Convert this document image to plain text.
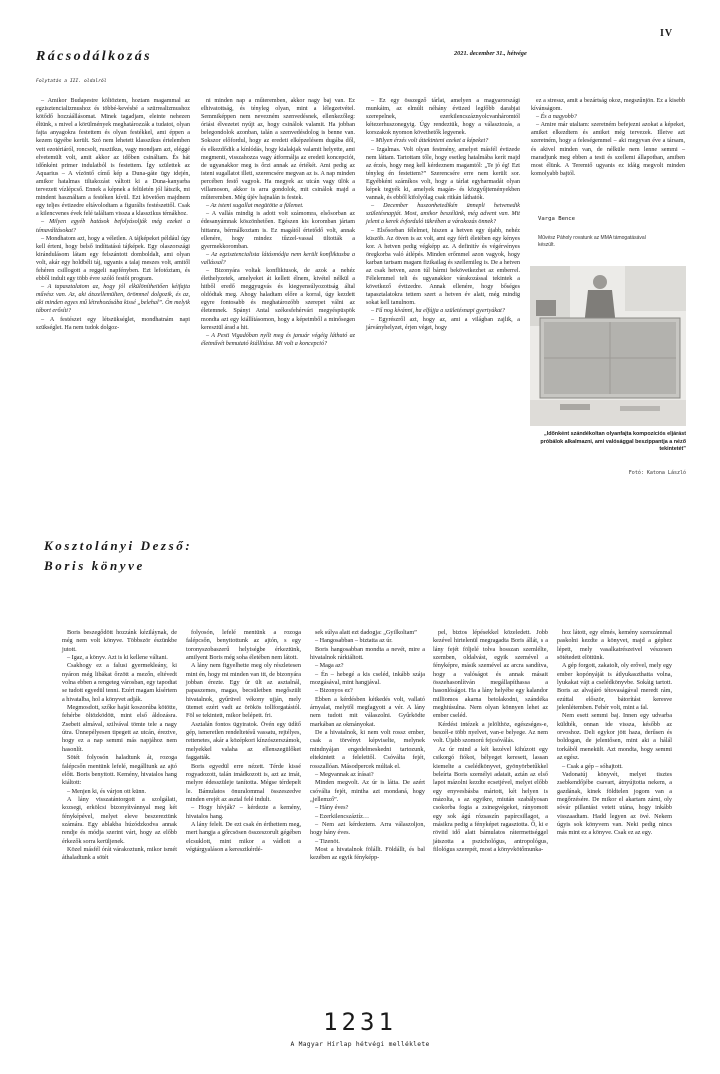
IV
2021. december 31., hétvége
Rácsodálkozás
Folytatás a III. oldalról

– Amikor Budapestre költöztem, hoztam magammal az egzisztencializmushoz és többé-kevésbé a szürrealizmushoz kötődő hozzáállásomat. Minek tagadjam, eleinte nehezen éltünk, s mivel a körülmények meghatározzák a tudatot, olyan fajta anyagokra festettem és olyan festékkel, ami éppen a kezem ügyébe került. Szó nem lehetett klasszikus értelemben vett ezotériáról, roncsolt, rusztikus, vagy mondjam azt, eléggé elvetemült volt, amit akkor az időben csináltam. És hát időnként primer indulatból is festettem. Így születtek az Aquarius – A vízöntő című kép a Duna-gáte ügy idején, amikor hatalmas tiltakozást váltott ki a Duna-kanyarba tervezett vízlépcső. Ennek a képnek a felületén jól látszik, mi mindent használtam a festéken kívül. Ezt követően majdnem egy teljes évtizedre eltávolodtam a figurális festészettől. Csak a kilencvenes évek felé találtam vissza a klasszikus témákhoz.

– Milyen egyéb hatások befolyásolják még ezeket a témaváltásokat?

– Mondhatom azt, hogy a véletlen. A tájképeket például úgy kell érteni, hogy belső indíttatású tájképek. Egy olaszországi kirándulásom látam egy felszántott domboldalt, ami olyan volt, akár egy holdbéli táj, ugyanis a talaj meszes volt, amitől fehéren csillogott a reggeli napfényben. Ezt lefotóztam, és ebből indult egy több évre szóló festői program.

– A tapasztalatom az, hogy jól elkülönítheitően kéifajta művész van. Az, aki átszellemülten, örömmel dolgozik, és az, aki minden egyes mű létrehozásába kissé „belehal”. Ön melyik tábort erősíti?

– A festészet egy létszükséglet, mondhatnám napi szükséglet. Ha nem tudok dolgoz-

ni minden nap a műteremben, akkor nagy baj van. Ez elhivatottság, és tényleg olyan, mint a lélegzetvétel. Semmiképpen nem nevezném szenvedésnek, ellenkezőleg: óriási élvezetet nyújt az, hogy csinálok valamit. Ha jobban belegondolok azonban, talán a szenvedésdolog is benne van. Sokszor előfordul, hogy az eredeti elképzelésem dugába dől, és elkezdődik a kínlódás, hogy kialakjak valamit helyette, ami megmenti, visszahozza vagy átformálja az eredeti koncepciót, de ugyanakkor meg is őrzi annak az értékét. Ami pedig az isteni sugallatot illeti, szerencsére megvan az is. A nap minden percében festő vagyok. Ha megyek az utcán vagy ülök a villamoson, akkor is arra gondolok, mit csinálok majd a műteremben. Még újév hajnalán is festek.

– Az isteni sugallat megütötte a fülemet.

– A vallás mindig is adott volt számomra, elsősorban az édesanyámnak köszönhetően. Egészen kis koromban jártam hittanra, bérmálkoztam is. Ez magától értetődő volt, annak ellenére, hogy mindez tűzzel-vassal tiltották a gyermekkoromban.

– Az egzisztencialista látásmódja nem került konfliktusba a vallással?

– Bizonyára voltak konfliktusok, de azok a nehéz élethelyzetek, amelyeket át kellett élnem, kivétel nélkül a hitből eredő meggyugvás és kiegyensúlyozottság által oldódtak meg. Ahogy haladtam előre a korral, úgy kezdett egyre fontosabb és meghatározóbb szerepet válni az életemnek. Spányi Antal székesfehérvári megyéspüspök mondta azt egy kiállításomon, hogy a képeimből a minősegen keresztül árad a hit.

– A Pesti Vigadóban nyílt meg és január végéig látható az életművét bemutató kiállítása. Mi volt a koncepció?

– Ez egy összegző tárlat, amelyen a magyarországi munkáim, az elmúlt néhány évtized legfőbb darabjai szerepelnek, ezerkilencszáznyolcvanháromtól kétezerhuszonegyig. Úgy rendeztük, hogy a választozás, a korszakok nyomon követhetők legyenek.

– Milyen érzés volt áttekinteni ezeket a képeket?

– Izgalmas. Volt olyan festmény, amelyet másfél évtizede nem láttam. Tartottam tőle, hogy esetleg hatalmába kerít majd az érzés, hogy meg kell kérdeznem magamtól: „Te jó ég! Ezt tényleg én festettem?” Szerencsére erre nem került sor. Egyébként számíkos volt, hogy a tárlat egyharmadát olyan képek tegyék ki, amelyek magán- és közgyűjteményekben vannak, és ebből kifolyólag csak ritkán láthatók.

– December huszonhetedikén ünnepli hetvenedik születésnapját. Most, amikor beszélünk, még advent van. Mit jelent a kerek évforduló tükrében a várakozás önnek?

– Elsősorban félelmet, hiszen a hetven egy újabb, nehéz küszöb. Az ötven is az volt, ami egy férfi életében egy kényes kor. A hetven pedig végképp az. A definitív és végérvényes öregkorba való átlépés. Minden erőmmel azon vagyok, hogy karban tartsam magam fizikailag és szellemileg is. De a hetven az csak hetven, azon túl bármi bekövetkezhet az emberrel. Félelemmel teli és ugyanakkor várakozással tekintek a következő évtizedre. Annak ellenére, hogy bőséges tapasztalatokra tettem szert a hetven év alatt, még mindig sokat kell tanulnom.

– Fű nog kívánni, ha elfújja a születésnapi gyertyákat?

– Egyrészről azt, hogy az, ami a világban zajlik, a járványhelyzet, érjen véget, hogy

ez a stressz, amit a bezártság okoz, megszűnjön. Ez a kisebb kívánságom.

– És a nagyobb?

– Amire már utaltam: szeretném befejezni azokat a képeket, amiket elkezdtem és amiket még tervezek. Illetve azt szeretném, hogy a feleségemmel – aki megyvan éve a társam, és akivel minden van, de nélküle nem lenne semmi – maradjunk meg ebben a testi és szellemi állapotban, amiben most élünk. A Teremtő ugyanis ez idáig megvolt minden komolyabb bajtól.

Varga Bence
Művész Páholy rovatunk az MMA támogatásával készült.
„Időnként szándékoltan olyanfajta kompozíciós eljárást próbálok alkalmazni, ami valósággal beszippantja a néző tekintetét”
Fotó: Katona László
Kosztolányi Dezső:
Boris könyve

Boris beszegődött hozzánk kéziláynak, de még nem volt könyve. Többször észünkbe jutott.

– Igaz, a könyv. Azt is ki kellene váltani.

Csakhogy ez a falusi gyermekleány, ki nyáron még libákat őrzött a mezőn, eltévedt volna ebben a rengeteg városban, egy tapodtat se tudott egyedül tenni. Ezért magam kísértem a hivatalba, hol a könyvet adják.

Megmosdott, szőke haját koszorúba kötötte, fehérbe öltözködött, mint első áldozásra. Zsebeit almával, szilvával tömte tele a nagy útra. Ünnepélyesen tipegett az utcán, éreztve, hogy ez a nap semmi más napjához nem hasonlít.

Sötét folyosón haladtunk át, rozoga falépcsőn mentünk lefelé, megálltunk az ajtó előtt. Boris benyitott. Kemény, hivatalos hang kiáltott:

– Menjen ki, és várjon ott künn.

A lány visszatántorgott a szolgálati, kozsegi, erkölcsi bizonyítvánnyal meg két fényképével, melyet eleve beszereztünk számára. Egy ablakba húzódzkodva annak rendje és módja szerint várt, hogy az előbb érkezők sorra kerüljenek.

Közel másfél órát várakoztunk, mikor ismét áthaladtunk a sötét

folyosón, lefelé mentünk a rozoga falépcsőn, benyitottunk az ajtón, s egy toronyszobaszerű helyiségbe érkeztünk, amilyent Boris még soha életében nem látott.

A lány nem figyelhette meg oly részletesen mint én, hogy mi minden van itt, de bizonyára jobban érezte. Egy úr ült az asztalnál, papaszemes, magas, becsületben megőszült hivatalnok, gyűrüvel vékony ujján, mely ütemet ezért vadt az örökös tollforgatástól. Föl se tekintett, mikor belépett. fri.

Asztalán fontos ügyiratok. Övén egy üdítő gép, ismeretlen rendeltetésű vassatu, rejtélyes, rettenetes, akár a középkori kínzószerszámok, melyekkel valaha az ellenszegülőket faggatták.

Boris egyedül erre nézett. Térde kissé rogyadozott, talán imádkozott is, azt az imát, melyre édesszüleje tanította. Mégse térdepelt le. Bámulatos önuralommal összeszedve minden erejét az asztal felé indult.

– Hogy hívják? – kérdezte a kemény, hivatalos hang.

A lány felelt. De ezt csak én érthettem meg, mert hangja a gőrcsösen összeszorult gégében elcsuklott, mint mikor a vádlott a végtárgyaláson a keresztkérdé-

sek súlya alatt ezt dadogja: „Gyilkoltam”

– Hangosabban – biztatta az úr.

Boris hangosabban mondta a nevét, mire a hivatalnok rárkiáltott.

– Maga az?

– Én – hebegé a kis cseléd, inkább szája mozgásával, mint hangjával.

– Bizonyos ez?

Ebben a kérdésben kétkedés volt, vallató árnyalat, melytől megfagyott a vér. A lány nem tudott mit válaszolni. Gyűrködte markában az okmányokat.

De a hivatalnok, ki nem volt rossz ember, csak a törvényt képviselte, melynek mindnyájan engedelmeskedni tartozunk, eltekintett a felelettől. Csóválta fejét, rosszallóan. Másodpercek múltak el.

– Megvannak az írásai?

Minden megvolt. Az úr is látta. De azért csóválta fejét, mintha azt mondaná, hogy „jellemző”.

– Hány éves?

– Ezerkilencszáztíz…

– Nem azt kérdeztem. Arra válaszoljon, hogy hány éves.

– Tizenöt.

Most a hivatalnok fölállt. Földállt, és bal kezében az egyik fényképp-

pel, biztos lépésekkel közeledett. Jobb kezével hirtelenül megragadta Boris állát, s a lány fejét följelé tolva hosszan szemlélte, szemben, oldalvást, egyik szemével a fényképre, másik szemével az arcra sandítva, hogy a valóságot és annak másait összehasonlítván megállapíthassa a hasonlóságot. Ha a lány helyébe egy kalandor milliomos akarna betolakodni, szándéka meghiúsulna. Nem olyan könnyen lehet az ember cseléd.

Kérdést intézek a jelölthöz, egészséges-e, beszél-e több nyelvet, van-e belyege. Az nem volt. Újabb szomorú fejcsóválás.

Az úr mind a két kezével kihúzott egy csikorgó fiókot, bélyeget keresett, lassan kiemelte a cselédkönyvet, gyönyörbetűkkel beleírta Boris személyi adatait, aztán az első lapot mázolni kezdte ecsetjével, melyet előbb egy enyvesbásba mártott, két helyen is mázolta, s az egyikre, miután szabályosan csokorba fogta a zsinegvégeket, rányomott egy sok ágú rózsaszín papírcsillagot, a másikra pedig a fényképet ragasztotta. Ő, ki e röviid idő alatt bámulatos rátermettséggel játszotta a pszichológus, antropológus, filológus szerepét, most a könyvkötőmunka-

hoz látott, egy elmés, kemény szerszámmal paskolni kezdte a könyvet, majd a géphez lépett, mely vasalkatrészeivel vészesen sötétedett elöttünk.

A gép forgott, zakatolt, oly erővel, mely egy ember kopónyáját is átlyukaszthatta volna, lyukakat vájt a cselédkönyvbe. Sokáig tartott. Boris az alvajáró tétovaságával meredt rám, ezúttal először, bátorítást keresve jelenlétemben. Fehér volt, mint a fal.

Nem esett semmi baj. Innen egy udvarba küldték, onnan ide vissza, később az orvoshoz. Deli egykor jött haza, derűsen és boldogan, de jelentősen, mint aki a hálál torkából menekült. Azt mondta, hogy semmi az egész.

– Csak a gép – sóhajtott.

Vadonatúj könyvét, melyet tisztes zsebkendőjébe csavart, átnyújtotta nekem, a gazdának, kinek földtelen jogom van a megőrzésére. De mikor el akartam zárni, oly sóvár pillantást vetett utána, hogy inkább visszaadtam. Hadd legyen az övé. Nekem úgyis sok könyvem van. Neki pedig nincs más mint ez a könyve. Csak ez az egy.

1231
A Magyar Hírlap hétvégi melléklete
